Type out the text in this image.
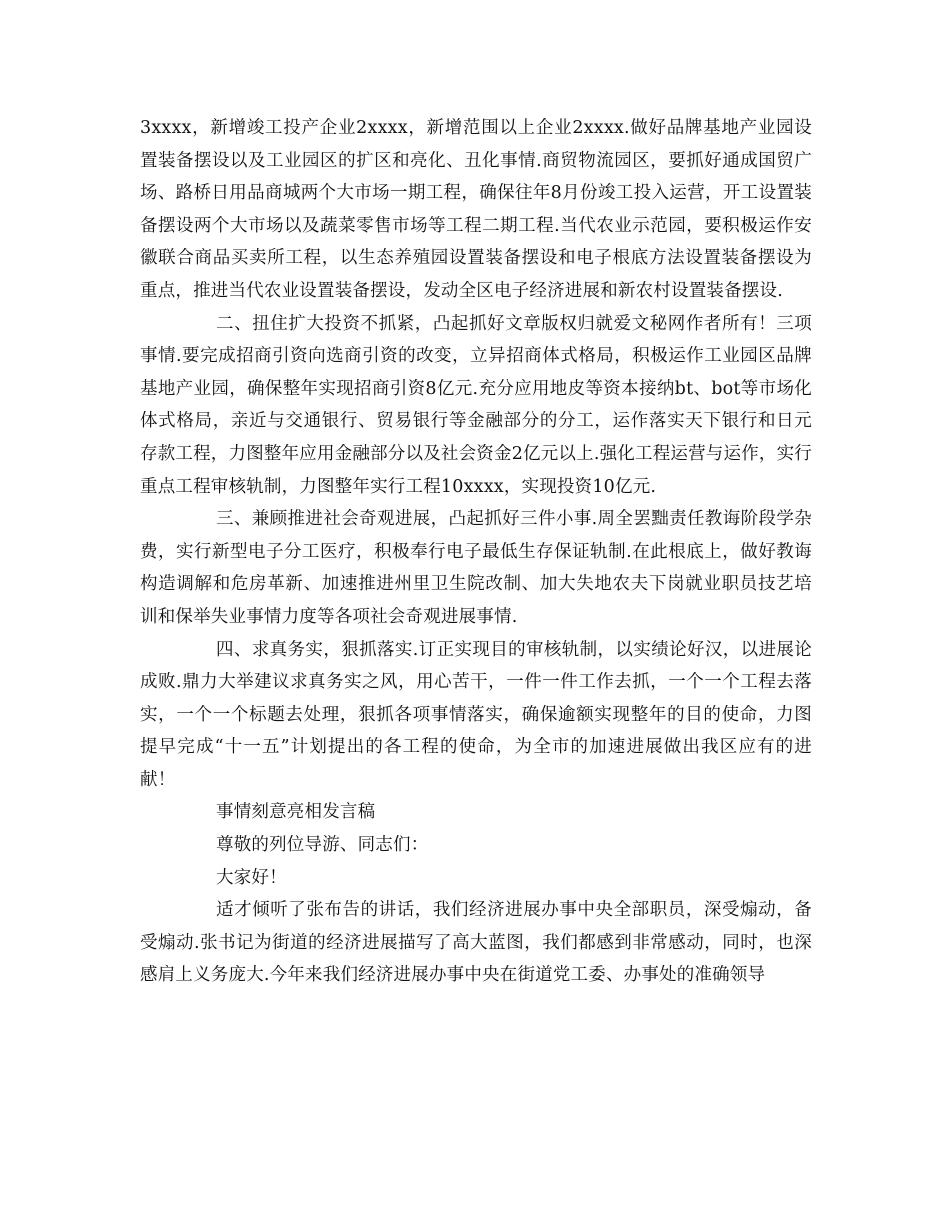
3xxxx，新增竣工投产企业2xxxx，新增范围以上企业2xxxx.做好品牌基地产业园设置装备摆设以及工业园区的扩区和亮化、丑化事情.商贸物流园区，要抓好通成国贸广场、路桥日用品商城两个大市场一期工程，确保往年8月份竣工投入运营，开工设置装备摆设两个大市场以及蔬菜零售市场等工程二期工程.当代农业示范园，要积极运作安徽联合商品买卖所工程，以生态养殖园设置装备摆设和电子根底方法设置装备摆设为重点，推进当代农业设置装备摆设，发动全区电子经济进展和新农村设置装备摆设.

二、扭住扩大投资不抓紧，凸起抓好文章版权归就爱文秘网作者所有！三项事情.要完成招商引资向选商引资的改变，立异招商体式格局，积极运作工业园区品牌基地产业园，确保整年实现招商引资8亿元.充分应用地皮等资本接纳bt、bot等市场化体式格局，亲近与交通银行、贸易银行等金融部分的分工，运作落实天下银行和日元存款工程，力图整年应用金融部分以及社会资金2亿元以上.强化工程运营与运作，实行重点工程审核轨制，力图整年实行工程10xxxx，实现投资10亿元.

三、兼顾推进社会奇观进展，凸起抓好三件小事.周全罢黜责任教诲阶段学杂费，实行新型电子分工医疗，积极奉行电子最低生存保证轨制.在此根底上，做好教诲构造调解和危房革新、加速推进州里卫生院改制、加大失地农夫下岗就业职员技艺培训和保举失业事情力度等各项社会奇观进展事情.

四、求真务实，狠抓落实.订正实现目的审核轨制，以实绩论好汉，以进展论成败.鼎力大举建议求真务实之风，用心苦干，一件一件工作去抓，一个一个工程去落实，一个一个标题去处理，狠抓各项事情落实，确保逾额实现整年的目的使命，力图提早完成“十一五”计划提出的各工程的使命，为全市的加速进展做出我区应有的进献！

事情刻意亮相发言稿

尊敬的列位导游、同志们：

大家好！

适才倾听了张布告的讲话，我们经济进展办事中央全部职员，深受煽动，备受煽动.张书记为街道的经济进展描写了高大蓝图，我们都感到非常感动，同时，也深感肩上义务庞大.今年来我们经济进展办事中央在街道党工委、办事处的准确领导
